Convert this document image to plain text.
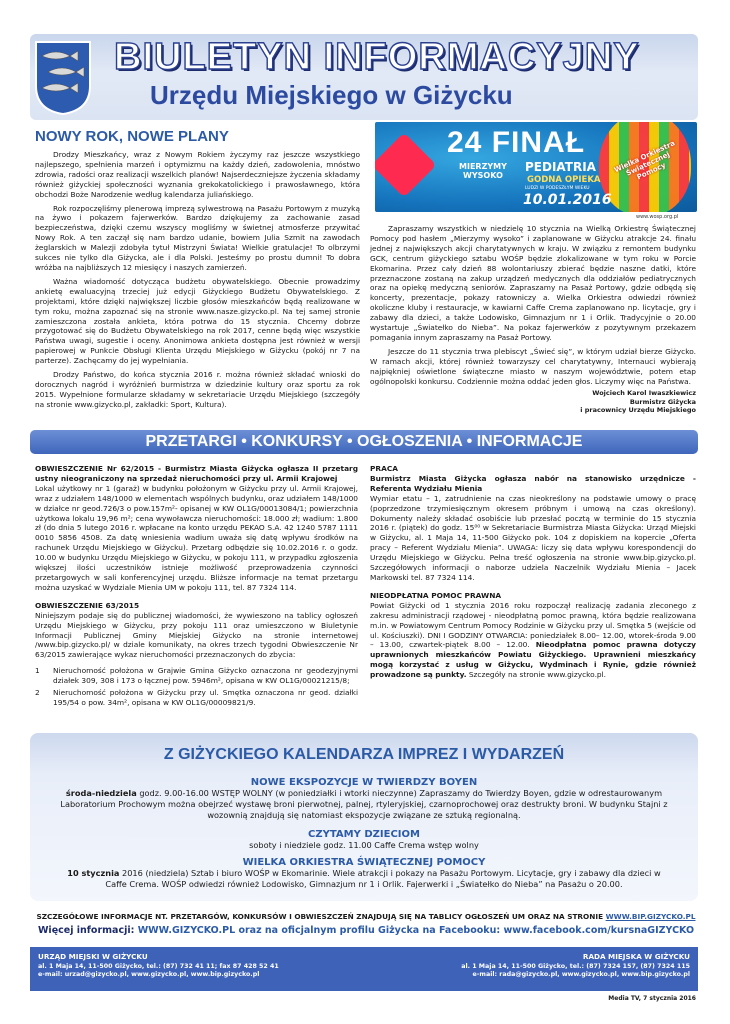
BIULETYN INFORMACYJNY
Urzędu Miejskiego w Giżycku
NOWY ROK, NOWE PLANY

Drodzy Mieszkańcy, wraz z Nowym Rokiem życzymy raz jeszcze wszystkiego najlepszego, spełnienia marzeń i optymizmu na każdy dzień, zadowolenia, mnóstwo zdrowia, radości oraz realizacji wszelkich planów! Najserdeczniejsze życzenia składamy również giżyckiej społeczności wyznania grekokatolickiego i prawosławnego, która obchodzi Boże Narodzenie według kalendarza juliańskiego.

Rok rozpoczęliśmy plenerową imprezą sylwestrową na Pasażu Portowym z muzyką na żywo i pokazem fajerwerków. Bardzo dziękujemy za zachowanie zasad bezpieczeństwa, dzięki czemu wszyscy mogliśmy w świetnej atmosferze przywitać Nowy Rok. A ten zaczął się nam bardzo udanie, bowiem Julia Szmit na zawodach żeglarskich w Malezji zdobyła tytuł Mistrzyni Świata! Wielkie gratulacje! To olbrzymi sukces nie tylko dla Giżycka, ale i dla Polski. Jesteśmy po prostu dumni! To dobra wróżba na najbliższych 12 miesięcy i naszych zamierzeń.

Ważna wiadomość dotycząca budżetu obywatelskiego. Obecnie prowadzimy ankietę ewaluacyjną trzeciej już edycji Giżyckiego Budżetu Obywatelskiego. Z projektami, które dzięki największej liczbie głosów mieszkańców będą realizowane w tym roku, można zapoznać się na stronie www.nasze.gizycko.pl. Na tej samej stronie zamieszczona została ankieta, która potrwa do 15 stycznia. Chcemy dobrze przygotować się do Budżetu Obywatelskiego na rok 2017, cenne będą więc wszystkie Państwa uwagi, sugestie i oceny. Anonimowa ankieta dostępna jest również w wersji papierowej w Punkcie Obsługi Klienta Urzędu Miejskiego w Giżycku (pokój nr 7 na parterze). Zachęcamy do jej wypełniania.

Drodzy Państwo, do końca stycznia 2016 r. można również składać wnioski do dorocznych nagród i wyróżnień burmistrza w dziedzinie kultury oraz sportu za rok 2015. Wypełnione formularze składamy w sekretariacie Urzędu Miejskiego (szczegóły na stronie www.gizycko.pl, zakładki: Sport, Kultura).

Wielka Orkiestra Świątecznej Pomocy
24 FINAŁ
MIERZYMY
WYSOKO
PEDIATRIA
GODNA OPIEKA
LUDZI W PODESZŁYM WIEKU
10.01.2016
www.wosp.org.pl

Zapraszamy wszystkich w niedzielę 10 stycznia na Wielką Orkiestrę Świątecznej Pomocy pod hasłem „Mierzymy wysoko” i zaplanowane w Giżycku atrakcje 24. finału jednej z największych akcji charytatywnych w kraju. W związku z remontem budynku GCK, centrum giżyckiego sztabu WOŚP będzie zlokalizowane w tym roku w Porcie Ekomarina. Przez cały dzień 88 wolontariuszy zbierać będzie naszne datki, które przeznaczone zostaną na zakup urządzeń medycznych dla oddziałów pediatrycznych oraz na opiekę medyczną seniorów. Zapraszamy na Pasaż Portowy, gdzie odbędą się koncerty, prezentacje, pokazy ratowniczy a. Wielka Orkiestra odwiedzi również okoliczne kluby i restauracje, w kawiarni Caffe Crema zaplanowano np. licytacje, gry i zabawy dla dzieci, a także Lodowisko, Gimnazjum nr 1 i Orlik. Tradycyjnie o 20.00 wystartuje „Światełko do Nieba”. Na pokaz fajerwerków z pozytywnym przekazem pomagania innym zapraszamy na Pasaż Portowy.

Jeszcze do 11 stycznia trwa plebiscyt „Świeć się”, w którym udział bierze Giżycko. W ramach akcji, której również towarzyszy cel charytatywny, Internauci wybierają najpiękniej oświetlone świąteczne miasto w naszym województwie, potem etap ogólnopolski konkursu. Codziennie można oddać jeden głos. Liczymy więc na Państwa.

Wojciech Karol Iwaszkiewicz
Burmistrz Giżycka
i pracownicy Urzędu Miejskiego
PRZETARGI • KONKURSY • OGŁOSZENIA • INFORMACJE
OBWIESZCZENIE Nr 62/2015 - Burmistrz Miasta Giżycka ogłasza II przetarg ustny nieograniczony na sprzedaż nieruchomości przy ul. Armii Krajowej
Lokal użytkowy nr 1 (garaż) w budynku położonym w Giżycku przy ul. Armii Krajowej, wraz z udziałem 148/1000 w elementach wspólnych budynku, oraz udziałem 148/1000 w działce nr geod.726/3 o pow.157m²- opisanej w KW OL1G/00013084/1; powierzchnia użytkowa lokalu 19,96 m²; cena wywoławcza nieruchomości: 18.000 zł; wadium: 1.800 zł (do dnia 5 lutego 2016 r. wpłacane na konto urzędu PEKAO S.A. 42 1240 5787 1111 0010 5856 4508. Za datę wniesienia wadium uważa się datę wpływu środków na rachunek Urzędu Miejskiego w Giżycku). Przetarg odbędzie się 10.02.2016 r. o godz. 10.00 w budynku Urzędu Miejskiego w Giżycku, w pokoju 111, w przypadku zgłoszenia większej ilości uczestników istnieje możliwość przeprowadzenia czynności przetargowych w sali konferencyjnej urzędu. Bliższe informacje na temat przetargu można uzyskać w Wydziale Mienia UM w pokoju 111, tel. 87 7324 114.
OBWIESZCZENIE 63/2015
Niniejszym podaje się do publicznej wiadomości, że wywieszono na tablicy ogłoszeń Urzędu Miejskiego w Giżycku, przy pokoju 111 oraz umieszczono w Biuletynie Informacji Publicznej Gminy Miejskiej Giżycko na stronie internetowej /www.bip.gizycko.pl/ w dziale komunikaty, na okres trzech tygodni Obwieszczenie Nr 63/2015 zawierające wykaz nieruchomości przeznaczonych do zbycia:
1	Nieruchomość położona w Grajwie Gmina Giżycko oznaczona nr geodezyjnymi działek 309, 308 i 173 o łącznej pow. 5946m², opisana w KW OL1G/00021215/8;
2	Nieruchomość położona w Giżycku przy ul. Smętka oznaczona nr geod. działki 195/54 o pow. 34m², opisana w KW OL1G/00009821/9.
PRACA
Burmistrz Miasta Giżycka ogłasza nabór na stanowisko urzędnicze - Referenta Wydziału Mienia
Wymiar etatu – 1, zatrudnienie na czas nieokreślony na podstawie umowy o pracę (poprzedzone trzymiesięcznym okresem próbnym i umową na czas określony). Dokumenty należy składać osobiście lub przesłać pocztą w terminie do 15 stycznia 2016 r. (piątek) do godz. 15⁰⁰ w Sekretariacie Burmistrza Miasta Giżycka: Urząd Miejski w Giżycku, al. 1 Maja 14, 11-500 Giżycko pok. 104 z dopiskiem na kopercie „Oferta pracy – Referent Wydziału Mienia”. UWAGA: liczy się data wpływu korespondencji do Urzędu Miejskiego w Giżycku. Pełna treść ogłoszenia na stronie www.bip.gizycko.pl. Szczegółowych informacji o naborze udziela Naczelnik Wydziału Mienia – Jacek Markowski tel. 87 7324 114.
NIEODPŁATNA POMOC PRAWNA
Powiat Giżycki od 1 stycznia 2016 roku rozpoczął realizację zadania zleconego z zakresu administracji rządowej - nieodpłatną pomoc prawną, która będzie realizowana m.in. w Powiatowym Centrum Pomocy Rodzinie w Giżycku przy ul. Smętka 5 (wejście od ul. Kościuszki). DNI I GODZINY OTWARCIA: poniedziałek 8.00– 12.00, wtorek-środa 9.00 – 13.00, czwartek-piątek 8.00 – 12.00. Nieodpłatna pomoc prawna dotyczy uprawnionych mieszkańców Powiatu Giżyckiego. Uprawnieni mieszkańcy mogą korzystać z usług w Giżycku, Wydminach i Rynie, gdzie również prowadzone są punkty. Szczegóły na stronie www.gizycko.pl.
Z GIŻYCKIEGO KALENDARZA IMPREZ I WYDARZEŃ
NOWE EKSPOZYCJE W TWIERDZY BOYEN
środa-niedziela godz. 9.00-16.00 WSTĘP WOLNY (w poniedziałki i wtorki nieczynne) Zapraszamy do Twierdzy Boyen, gdzie w odrestaurowanym Laboratorium Prochowym można obejrzeć wystawę broni pierwotnej, palnej, rtyleryjskiej, czarnoprochowej oraz destrukty broni. W budynku Stajni z wozownią znajdują się natomiast ekspozycje związane ze sztuką regionalną.
CZYTAMY DZIECIOM
soboty i niedziele godz. 11.00 Caffe Crema wstęp wolny
WIELKA ORKIESTRA ŚWIĄTECZNEJ POMOCY
10 stycznia 2016 (niedziela) Sztab i biuro WOŚP w Ekomarinie. Wiele atrakcji i pokazy na Pasażu Portowym. Licytacje, gry i zabawy dla dzieci w Caffe Crema. WOŚP odwiedzi również Lodowisko, Gimnazjum nr 1 i Orlik. Fajerwerki i „Światełko do Nieba” na Pasażu o 20.00.
SZCZEGÓŁOWE INFORMACJE NT. PRZETARGÓW, KONKURSÓW I OBWIESZCZEŃ ZNAJDUJĄ SIĘ NA TABLICY OGŁOSZEŃ UM ORAZ NA STRONIE WWW.BIP.GIZYCKO.PL
Więcej informacji: WWW.GIZYCKO.PL oraz na oficjalnym profilu Giżycka na Facebooku: www.facebook.com/kursnaGIZYCKO
URZĄD MIEJSKI W GIŻYCKU
al. 1 Maja 14, 11-500 Giżycko, tel.: (87) 732 41 11; fax 87 428 52 41
e-mail: urzad@gizycko.pl, www.gizycko.pl, www.bip.gizycko.pl
RADA MIEJSKA W GIŻYCKU
al. 1 Maja 14, 11-500 Giżycko, tel.: (87) 7324 157, (87) 7324 115
e-mail: rada@gizycko.pl, www.gizycko.pl, www.bip.gizycko.pl
Media TV, 7 stycznia 2016
